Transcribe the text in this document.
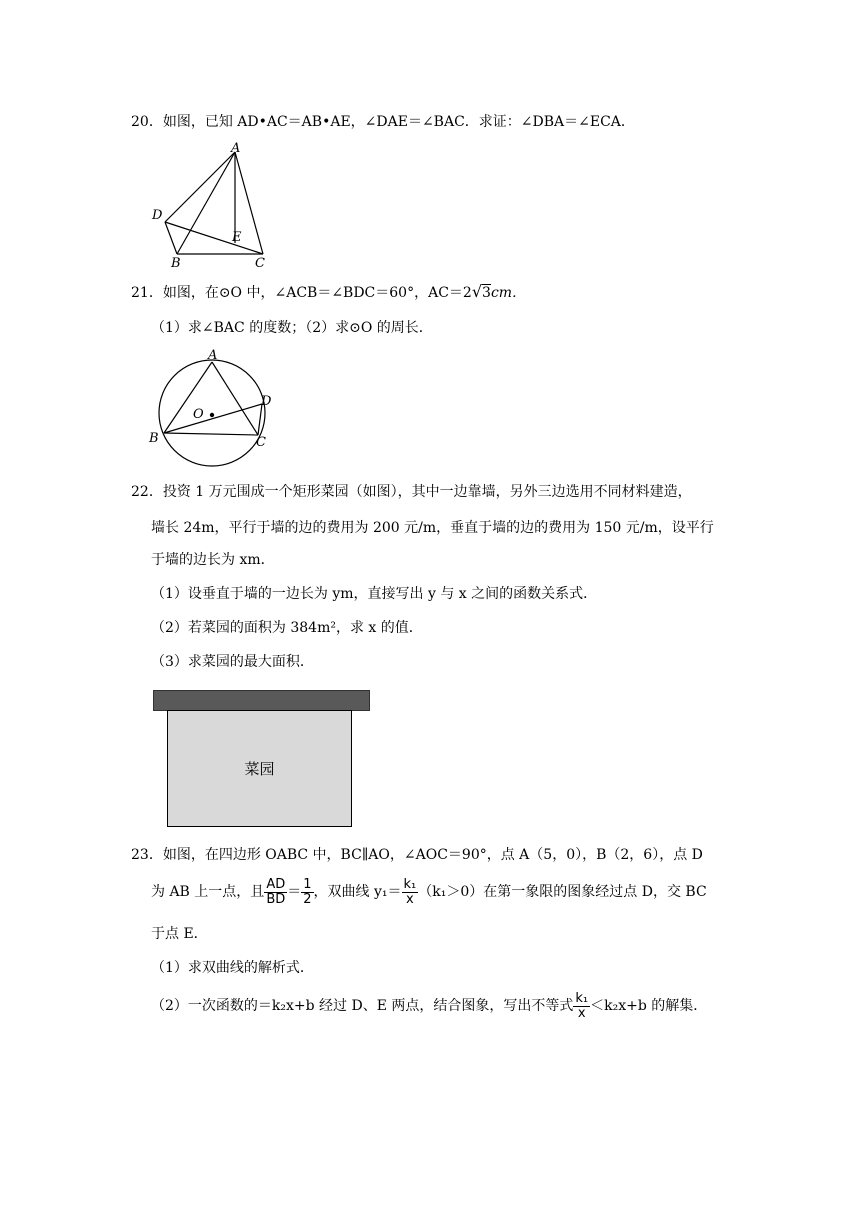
20．如图，已知 AD•AC＝AB•AE，∠DAE＝∠BAC．求证：∠DBA＝∠ECA．
A
D
E
B	C
21．如图，在⊙O 中，∠ACB＝∠BDC＝60°，AC＝2√3cm．
（1）求∠BAC 的度数；（2）求⊙O 的周长．
A
O
D
B	C
22．投资 1 万元围成一个矩形菜园（如图），其中一边靠墙，另外三边选用不同材料建造，
墙长 24m，平行于墙的边的费用为 200 元/m，垂直于墙的边的费用为 150 元/m，设平行
于墙的边长为 xm．
（1）设垂直于墙的一边长为 ym，直接写出 y 与 x 之间的函数关系式．
（2）若菜园的面积为 384m²，求 x 的值．
（3）求菜园的最大面积．
菜园
23．如图，在四边形 OABC 中，BC∥AO，∠AOC＝90°，点 A（5，0），B（2，6），点 D
为 AB 上一点，且 $\frac{AD}{BD} = \frac{1}{2}$ ，双曲线 $y_1= \frac{\text{k₁}}{x} (k_1>0)$在第一象限的图象经过点 D，交 BC
于点 E．
（1）求双曲线的解析式．
（2）一次函数的＝k₂x+b 经过 D、E 两点，结合图象，写出不等式 $\frac{\text{k₁}}{x} <k_2x+b$ 的解集．
